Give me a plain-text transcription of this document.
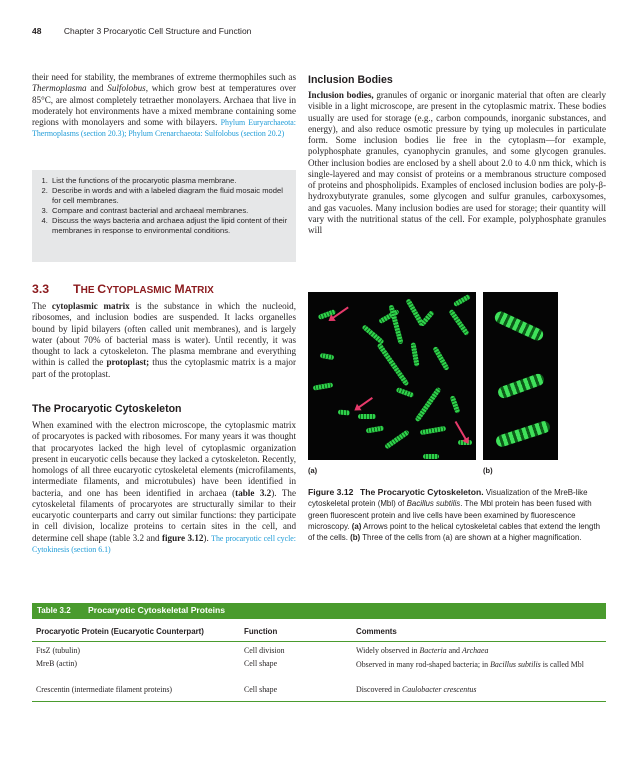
48	Chapter 3 Procaryotic Cell Structure and Function

their need for stability, the membranes of extreme thermophiles such as Thermoplasma and Sulfolobus, which grow best at temperatures over 85°C, are almost completely tetraether monolayers. Archaea that live in moderately hot environments have a mixed membrane containing some regions with monolayers and some with bilayers. Phylum Euryarchaeota: Thermoplasms (section 20.3); Phylum Crenarchaeota: Sulfolobus (section 20.2)

1. List the functions of the procaryotic plasma membrane.
2. Describe in words and with a labeled diagram the fluid mosaic model for cell membranes.
3. Compare and contrast bacterial and archaeal membranes.
4. Discuss the ways bacteria and archaea adjust the lipid content of their membranes in response to environmental conditions.
3.3 THE CYTOPLASMIC MATRIX

The cytoplasmic matrix is the substance in which the nucleoid, ribosomes, and inclusion bodies are suspended. It lacks organelles bound by lipid bilayers (often called unit membranes), and is largely water (about 70% of bacterial mass is water). Until recently, it was thought to lack a cytoskeleton. The plasma membrane and everything within is called the protoplast; thus the cytoplasmic matrix is a major part of the protoplast.

The Procaryotic Cytoskeleton

When examined with the electron microscope, the cytoplasmic matrix of procaryotes is packed with ribosomes. For many years it was thought that procaryotes lacked the high level of cytoplasmic organization present in eucaryotic cells because they lacked a cytoskeleton. Recently, homologs of all three eucaryotic cytoskeletal elements (microfilaments, intermediate filaments, and microtubules) have been identified in bacteria, and one has been identified in archaea (table 3.2). The cytoskeletal filaments of procaryotes are structurally similar to their eucaryotic counterparts and carry out similar functions: they participate in cell division, localize proteins to certain sites in the cell, and determine cell shape (table 3.2 and figure 3.12). The procaryotic cell cycle: Cytokinesis (section 6.1)

Inclusion Bodies

Inclusion bodies, granules of organic or inorganic material that often are clearly visible in a light microscope, are present in the cytoplasmic matrix. These bodies usually are used for storage (e.g., carbon compounds, inorganic substances, and energy), and also reduce osmotic pressure by tying up molecules in particulate form. Some inclusion bodies lie free in the cytoplasm—for example, polyphosphate granules, cyanophycin granules, and some glycogen granules. Other inclusion bodies are enclosed by a shell about 2.0 to 4.0 nm thick, which is single-layered and may consist of proteins or a membranous structure composed of proteins and phospholipids. Examples of enclosed inclusion bodies are poly-β-hydroxybutyrate granules, some glycogen and sulfur granules, carboxysomes, and gas vacuoles. Many inclusion bodies are used for storage; their quantity will vary with the nutritional status of the cell. For example, polyphosphate granules will

(a)	(b)
Figure 3.12 The Procaryotic Cytoskeleton. Visualization of the MreB-like cytoskeletal protein (Mbl) of Bacillus subtilis. The Mbl protein has been fused with green fluorescent protein and live cells have been examined by fluorescence microscopy. (a) Arrows point to the helical cytoskeletal cables that extend the length of the cells. (b) Three of the cells from (a) are shown at a higher magnification.
Table 3.2	Procaryotic Cytoskeletal Proteins
Procaryotic Protein (Eucaryotic Counterpart)	Function	Comments
FtsZ (tubulin)	Cell division	Widely observed in Bacteria and Archaea
MreB (actin)	Cell shape	Observed in many rod-shaped bacteria; in Bacillus subtilis is called Mbl
Crescentin (intermediate filament proteins)	Cell shape	Discovered in Caulobacter crescentus
